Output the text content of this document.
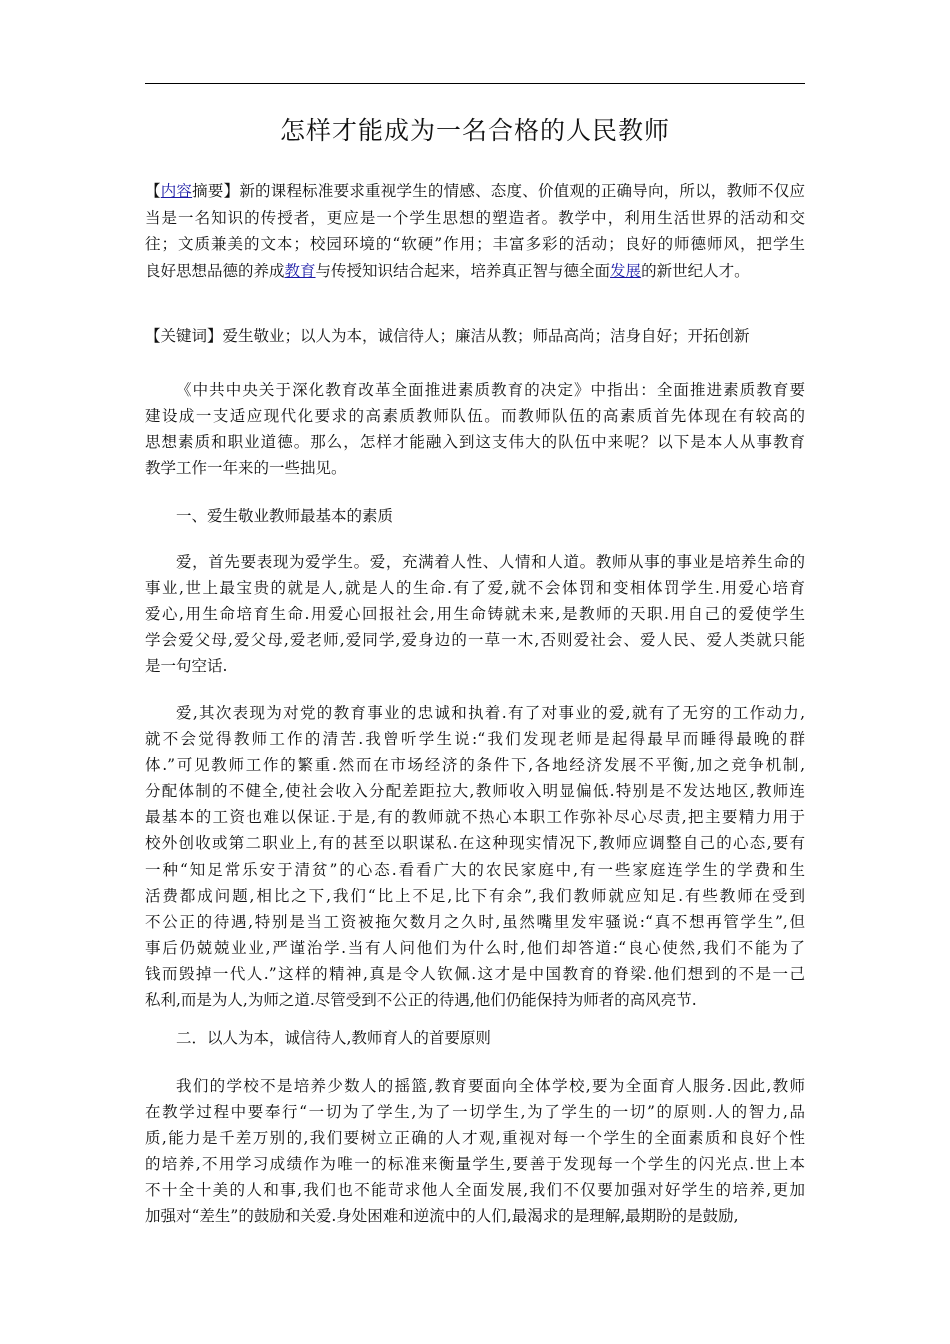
怎样才能成为一名合格的人民教师
【内容摘要】新的课程标准要求重视学生的情感、态度、价值观的正确导向，所以，教师不仅应
当是一名知识的传授者，更应是一个学生思想的塑造者。教学中，利用生活世界的活动和交
往；文质兼美的文本；校园环境的“软硬”作用；丰富多彩的活动；良好的师德师风，把学生
良好思想品德的养成教育与传授知识结合起来，培养真正智与德全面发展的新世纪人才。
【关键词】爱生敬业；以人为本，诚信待人；廉洁从教；师品高尚；洁身自好；开拓创新
《中共中央关于深化教育改革全面推进素质教育的决定》中指出：全面推进素质教育要
建设成一支适应现代化要求的高素质教师队伍。而教师队伍的高素质首先体现在有较高的
思想素质和职业道德。那么，怎样才能融入到这支伟大的队伍中来呢？以下是本人从事教育
教学工作一年来的一些拙见。
一、爱生敬业教师最基本的素质
爱，首先要表现为爱学生。爱，充满着人性、人情和人道。教师从事的事业是培养生命的
事业,世上最宝贵的就是人,就是人的生命.有了爱,就不会体罚和变相体罚学生.用爱心培育
爱心,用生命培育生命.用爱心回报社会,用生命铸就未来,是教师的天职.用自己的爱使学生
学会爱父母,爱父母,爱老师,爱同学,爱身边的一草一木,否则爱社会、爱人民、爱人类就只能
是一句空话.
爱,其次表现为对党的教育事业的忠诚和执着.有了对事业的爱,就有了无穷的工作动力,
就不会觉得教师工作的清苦.我曾听学生说:“我们发现老师是起得最早而睡得最晚的群
体.”可见教师工作的繁重.然而在市场经济的条件下,各地经济发展不平衡,加之竞争机制,
分配体制的不健全,使社会收入分配差距拉大,教师收入明显偏低.特别是不发达地区,教师连
最基本的工资也难以保证.于是,有的教师就不热心本职工作弥补尽心尽责,把主要精力用于
校外创收或第二职业上,有的甚至以职谋私.在这种现实情况下,教师应调整自己的心态,要有
一种“知足常乐安于清贫”的心态.看看广大的农民家庭中,有一些家庭连学生的学费和生
活费都成问题,相比之下,我们“比上不足,比下有余”,我们教师就应知足.有些教师在受到
不公正的待遇,特别是当工资被拖欠数月之久时,虽然嘴里发牢骚说:“真不想再管学生”,但
事后仍兢兢业业,严谨治学.当有人问他们为什么时,他们却答道:“良心使然,我们不能为了
钱而毁掉一代人.”这样的精神,真是令人钦佩.这才是中国教育的脊梁.他们想到的不是一己
私利,而是为人,为师之道.尽管受到不公正的待遇,他们仍能保持为师者的高风亮节.
二．以人为本，诚信待人,教师育人的首要原则
我们的学校不是培养少数人的摇篮,教育要面向全体学校,要为全面育人服务.因此,教师
在教学过程中要奉行“一切为了学生,为了一切学生,为了学生的一切”的原则.人的智力,品
质,能力是千差万别的,我们要树立正确的人才观,重视对每一个学生的全面素质和良好个性
的培养,不用学习成绩作为唯一的标准来衡量学生,要善于发现每一个学生的闪光点.世上本
不十全十美的人和事,我们也不能苛求他人全面发展,我们不仅要加强对好学生的培养,更加
加强对“差生”的鼓励和关爱.身处困难和逆流中的人们,最渴求的是理解,最期盼的是鼓励,
